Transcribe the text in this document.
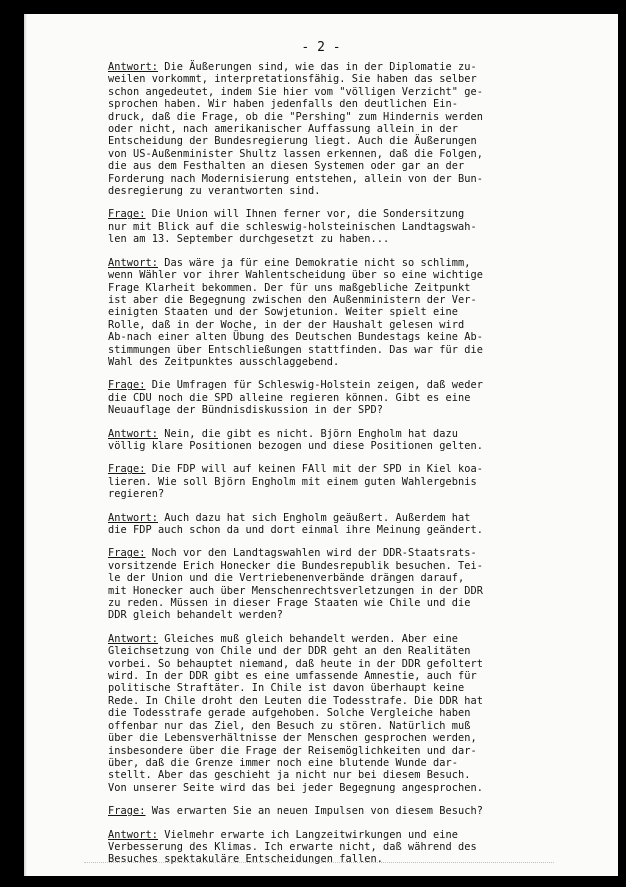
- 2 -
Antwort: Die Äußerungen sind, wie das in der Diplomatie zu-
weilen vorkommt, interpretationsfähig. Sie haben das selber
schon angedeutet, indem Sie hier vom "völligen Verzicht" ge-
sprochen haben. Wir haben jedenfalls den deutlichen Ein-
druck, daß die Frage, ob die "Pershing" zum Hindernis werden
oder nicht, nach amerikanischer Auffassung allein in der
Entscheidung der Bundesregierung liegt. Auch die Äußerungen
von US-Außenminister Shultz lassen erkennen, daß die Folgen,
die aus dem Festhalten an diesen Systemen oder gar an der
Forderung nach Modernisierung entstehen, allein von der Bun-
desregierung zu verantworten sind.
Frage: Die Union will Ihnen ferner vor, die Sondersitzung
nur mit Blick auf die schleswig-holsteinischen Landtagswah-
len am 13. September durchgesetzt zu haben...
Antwort: Das wäre ja für eine Demokratie nicht so schlimm,
wenn Wähler vor ihrer Wahlentscheidung über so eine wichtige
Frage Klarheit bekommen. Der für uns maßgebliche Zeitpunkt
ist aber die Begegnung zwischen den Außenministern der Ver-
einigten Staaten und der Sowjetunion. Weiter spielt eine
Rolle, daß in der Woche, in der der Haushalt gelesen wird
Ab-nach einer alten Übung des Deutschen Bundestags keine Ab-
stimmungen über Entschließungen stattfinden. Das war für die
Wahl des Zeitpunktes ausschlaggebend.
Frage: Die Umfragen für Schleswig-Holstein zeigen, daß weder
die CDU noch die SPD alleine regieren können. Gibt es eine
Neuauflage der Bündnisdiskussion in der SPD?
Antwort: Nein, die gibt es nicht. Björn Engholm hat dazu
völlig klare Positionen bezogen und diese Positionen gelten.
Frage: Die FDP will auf keinen FAll mit der SPD in Kiel koa-
lieren. Wie soll Björn Engholm mit einem guten Wahlergebnis
regieren?
Antwort: Auch dazu hat sich Engholm geäußert. Außerdem hat
die FDP auch schon da und dort einmal ihre Meinung geändert.
Frage: Noch vor den Landtagswahlen wird der DDR-Staatsrats-
vorsitzende Erich Honecker die Bundesrepublik besuchen. Tei-
le der Union und die Vertriebenenverbände drängen darauf,
mit Honecker auch über Menschenrechtsverletzungen in der DDR
zu reden. Müssen in dieser Frage Staaten wie Chile und die
DDR gleich behandelt werden?
Antwort: Gleiches muß gleich behandelt werden. Aber eine
Gleichsetzung von Chile und der DDR geht an den Realitäten
vorbei. So behauptet niemand, daß heute in der DDR gefoltert
wird. In der DDR gibt es eine umfassende Amnestie, auch für
politische Straftäter. In Chile ist davon überhaupt keine
Rede. In Chile droht den Leuten die Todesstrafe. Die DDR hat
die Todesstrafe gerade aufgehoben. Solche Vergleiche haben
offenbar nur das Ziel, den Besuch zu stören. Natürlich muß
über die Lebensverhältnisse der Menschen gesprochen werden,
insbesondere über die Frage der Reisemöglichkeiten und dar-
über, daß die Grenze immer noch eine blutende Wunde dar-
stellt. Aber das geschieht ja nicht nur bei diesem Besuch.
Von unserer Seite wird das bei jeder Begegnung angesprochen.
Frage: Was erwarten Sie an neuen Impulsen von diesem Besuch?
Antwort: Vielmehr erwarte ich Langzeitwirkungen und eine
Verbesserung des Klimas. Ich erwarte nicht, daß während des
Besuches spektakuläre Entscheidungen fallen.
